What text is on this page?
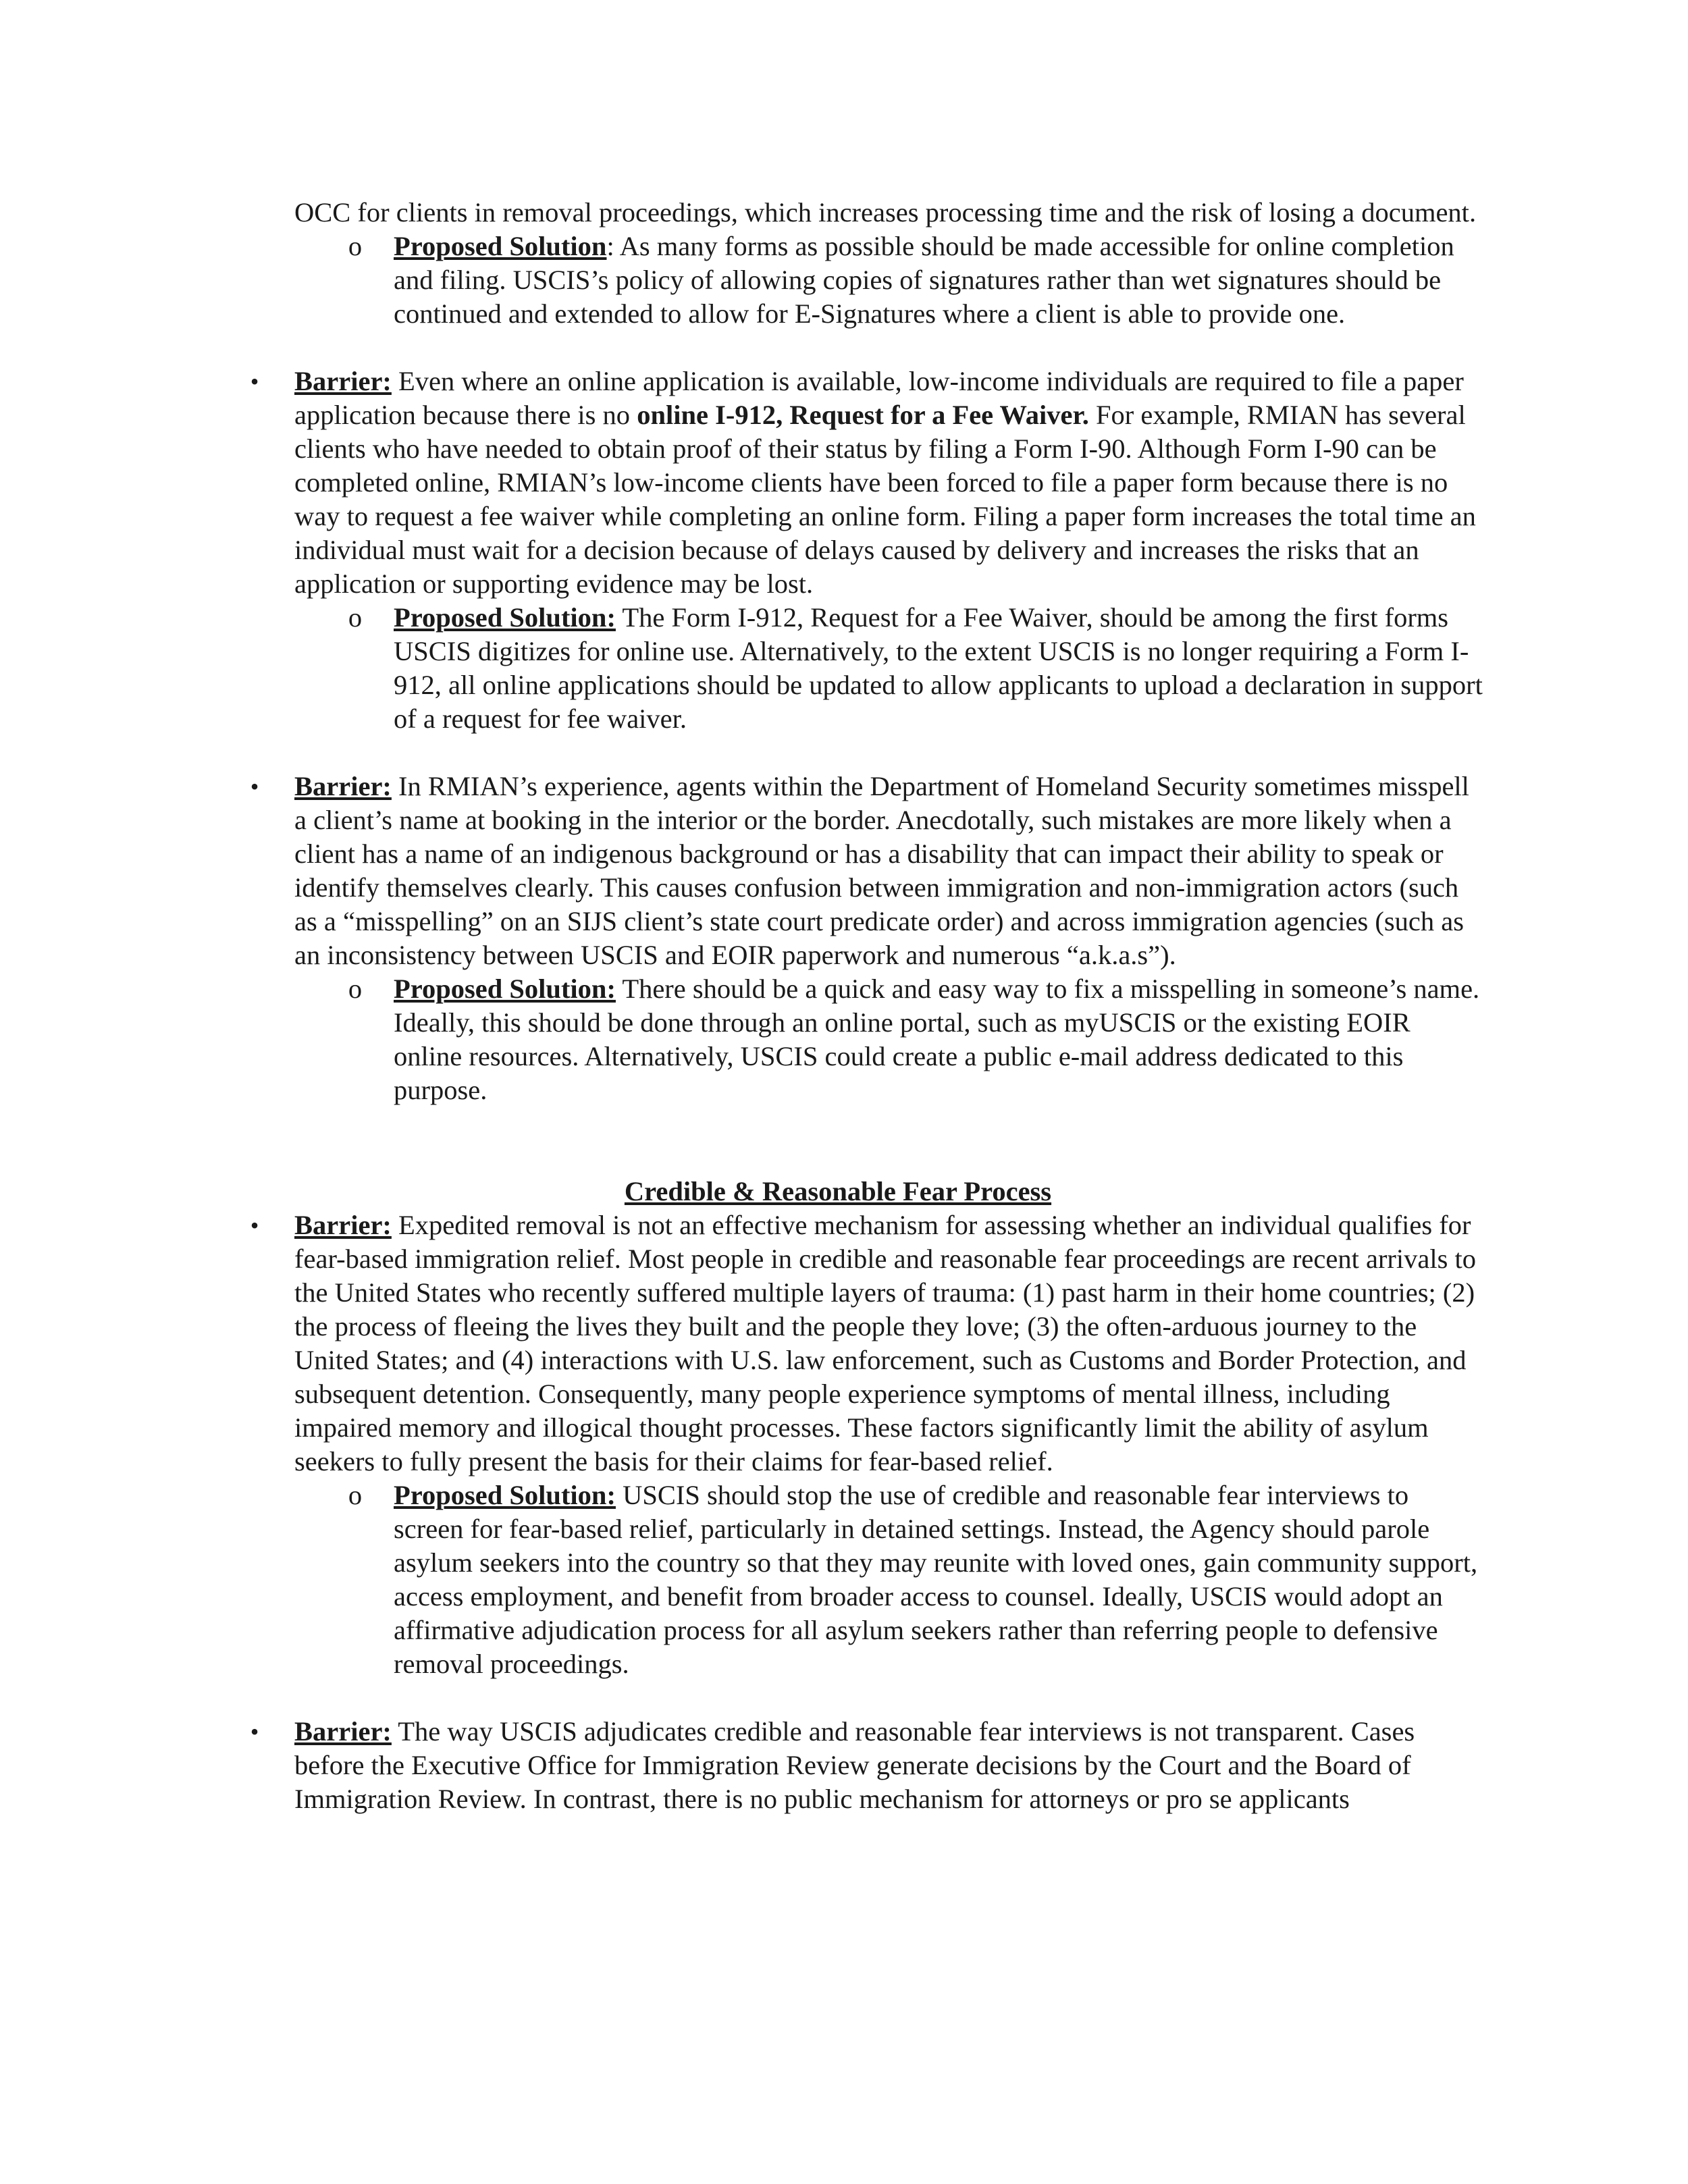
OCC for clients in removal proceedings, which increases processing time and the risk of losing a document.

o Proposed Solution: As many forms as possible should be made accessible for online completion and filing. USCIS’s policy of allowing copies of signatures rather than wet signatures should be continued and extended to allow for E-Signatures where a client is able to provide one.

• Barrier: Even where an online application is available, low-income individuals are required to file a paper application because there is no online I-912, Request for a Fee Waiver. For example, RMIAN has several clients who have needed to obtain proof of their status by filing a Form I-90. Although Form I-90 can be completed online, RMIAN’s low-income clients have been forced to file a paper form because there is no way to request a fee waiver while completing an online form. Filing a paper form increases the total time an individual must wait for a decision because of delays caused by delivery and increases the risks that an application or supporting evidence may be lost.

o Proposed Solution: The Form I-912, Request for a Fee Waiver, should be among the first forms USCIS digitizes for online use. Alternatively, to the extent USCIS is no longer requiring a Form I-912, all online applications should be updated to allow applicants to upload a declaration in support of a request for fee waiver.

• Barrier: In RMIAN’s experience, agents within the Department of Homeland Security sometimes misspell a client’s name at booking in the interior or the border. Anecdotally, such mistakes are more likely when a client has a name of an indigenous background or has a disability that can impact their ability to speak or identify themselves clearly. This causes confusion between immigration and non-immigration actors (such as a “misspelling” on an SIJS client’s state court predicate order) and across immigration agencies (such as an inconsistency between USCIS and EOIR paperwork and numerous “a.k.a.s”).

o Proposed Solution: There should be a quick and easy way to fix a misspelling in someone’s name. Ideally, this should be done through an online portal, such as myUSCIS or the existing EOIR online resources. Alternatively, USCIS could create a public e-mail address dedicated to this purpose.

Credible & Reasonable Fear Process

• Barrier: Expedited removal is not an effective mechanism for assessing whether an individual qualifies for fear-based immigration relief. Most people in credible and reasonable fear proceedings are recent arrivals to the United States who recently suffered multiple layers of trauma: (1) past harm in their home countries; (2) the process of fleeing the lives they built and the people they love; (3) the often-arduous journey to the United States; and (4) interactions with U.S. law enforcement, such as Customs and Border Protection, and subsequent detention. Consequently, many people experience symptoms of mental illness, including impaired memory and illogical thought processes. These factors significantly limit the ability of asylum seekers to fully present the basis for their claims for fear-based relief.

o Proposed Solution: USCIS should stop the use of credible and reasonable fear interviews to screen for fear-based relief, particularly in detained settings. Instead, the Agency should parole asylum seekers into the country so that they may reunite with loved ones, gain community support, access employment, and benefit from broader access to counsel. Ideally, USCIS would adopt an affirmative adjudication process for all asylum seekers rather than referring people to defensive removal proceedings.

• Barrier: The way USCIS adjudicates credible and reasonable fear interviews is not transparent. Cases before the Executive Office for Immigration Review generate decisions by the Court and the Board of Immigration Review. In contrast, there is no public mechanism for attorneys or pro se applicants
